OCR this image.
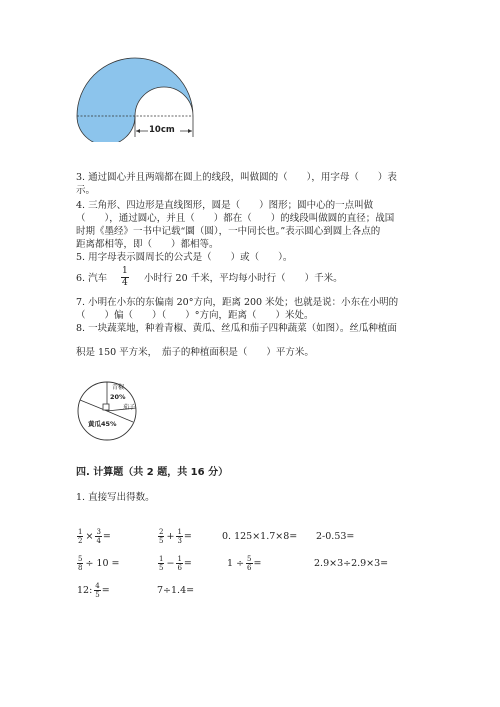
10cm
3. 通过圆心并且两端都在圆上的线段，叫做圆的（　　），用字母（　　）表
示。
4. 三角形、四边形是直线图形，圆是（　　）图形；圆中心的一点叫做
（　　），通过圆心，并且（　　）都在（　　）的线段叫做圆的直径；战国
时期《墨经》一书中记载“圜（圆），一中同长也。”表示圆心到圆上各点的
距离都相等，即（　　）都相等。
5. 用字母表示圆周长的公式是（　　）或（　　）。
6. 汽车 $\frac{1}{4}$ 小时行 20 千米，平均每小时行（　　）千米。
7. 小明在小东的东偏南 20°方向，距离 200 米处；也就是说：小东在小明的
（　　）偏（　　）（　　）°方向，距离（　　）米处。
8. 一块蔬菜地，种着青椒、黄瓜、丝瓜和茄子四种蔬菜（如图）。丝瓜种植面
积是 150 平方米，　茄子的种植面积是（　　）平方米。
青椒
20%
茄子
黄瓜45%
四. 计算题（共 2 题，共 16 分）
1. 直接写出得数。
$\frac{1}{2} \times \frac{3}{4}$ =	$\frac{2}{5} + \frac{1}{3}$ =	0. 125×1.7×8= 2-0.53=
$\frac{5}{8} \div 10$ =	$\frac{1}{5} - \frac{1}{6}$ =	$1 \div \frac{5}{6}$ =	2.9×3÷2.9×3=
12: $\frac{4}{5}$ =	7÷1.4=
